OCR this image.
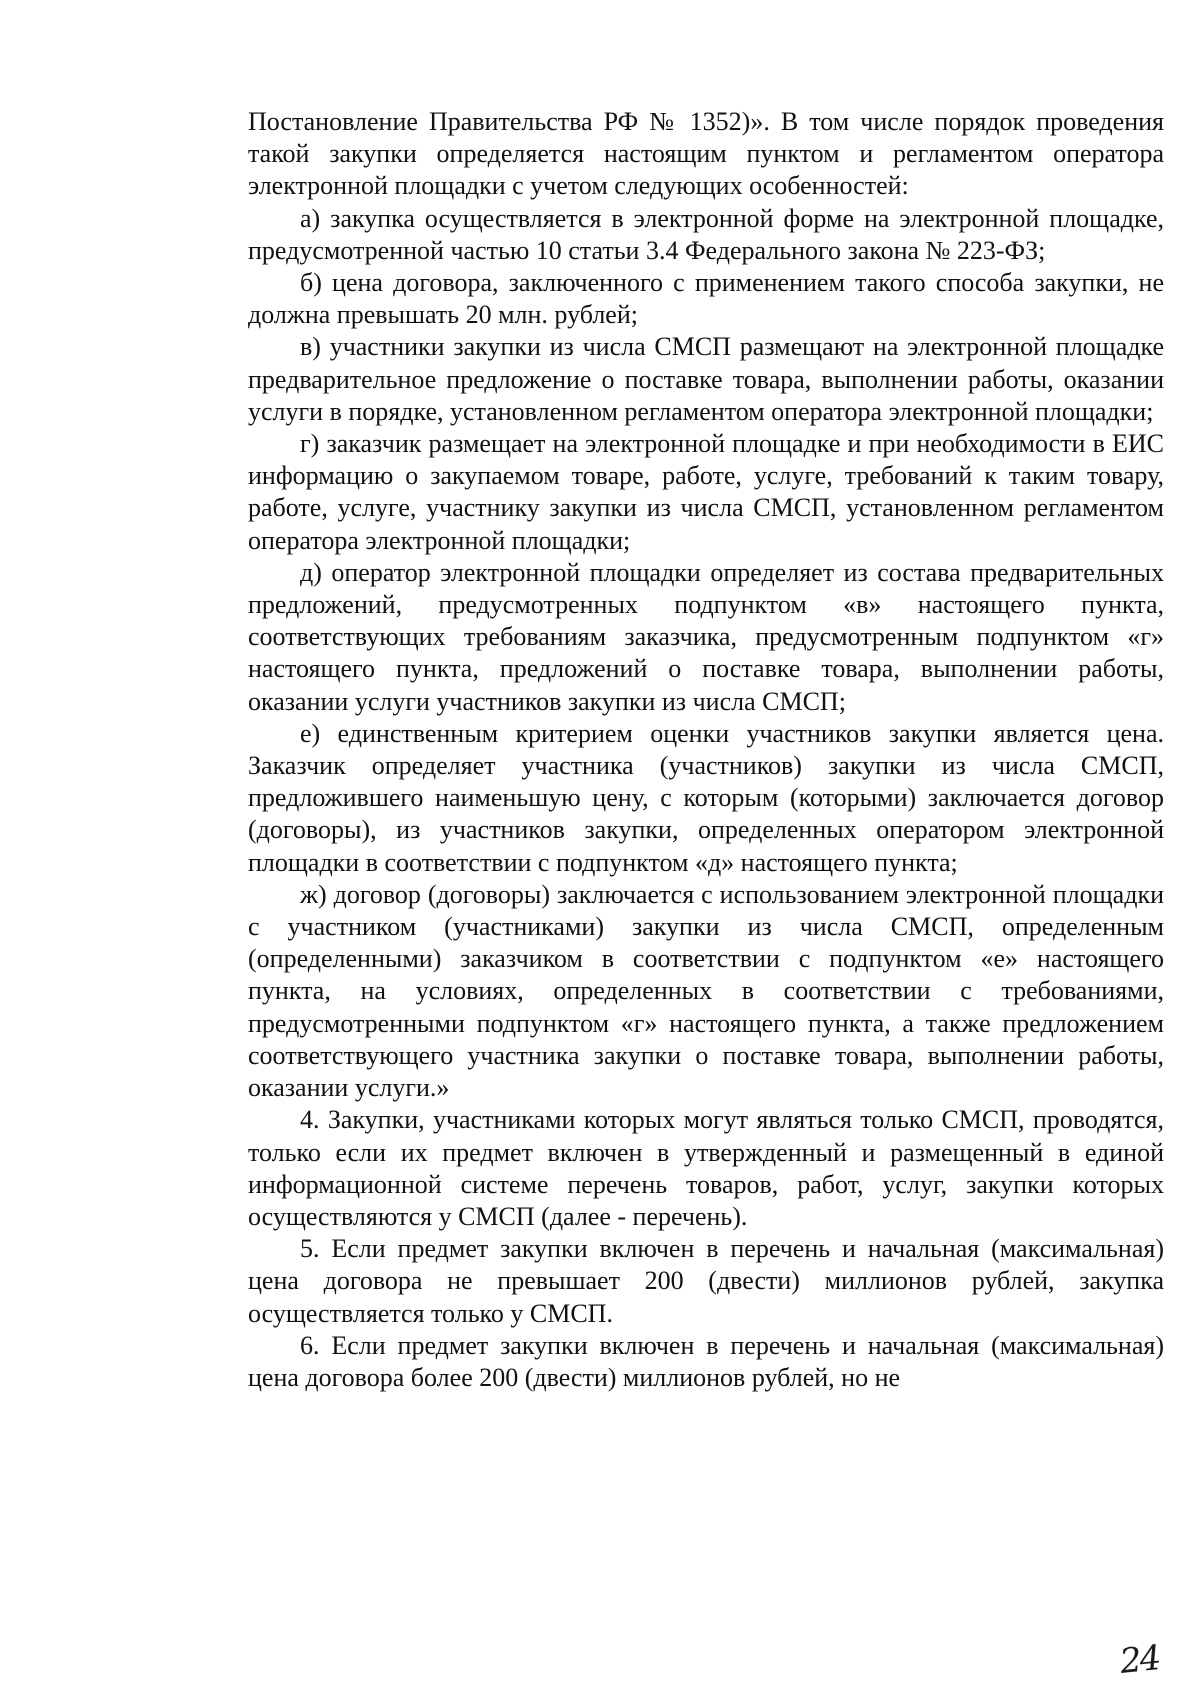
Постановление Правительства РФ № 1352)». В том числе порядок проведения такой закупки определяется настоящим пунктом и регламентом оператора электронной площадки с учетом следующих особенностей:

а) закупка осуществляется в электронной форме на электронной площадке, предусмотренной частью 10 статьи 3.4 Федерального закона № 223-ФЗ;

б) цена договора, заключенного с применением такого способа закупки, не должна превышать 20 млн. рублей;

в) участники закупки из числа СМСП размещают на электронной площадке предварительное предложение о поставке товара, выполнении работы, оказании услуги в порядке, установленном регламентом оператора электронной площадки;

г) заказчик размещает на электронной площадке и при необходимости в ЕИС информацию о закупаемом товаре, работе, услуге, требований к таким товару, работе, услуге, участнику закупки из числа СМСП, установленном регламентом оператора электронной площадки;

д) оператор электронной площадки определяет из состава предварительных предложений, предусмотренных подпунктом «в» настоящего пункта, соответствующих требованиям заказчика, предусмотренным подпунктом «г» настоящего пункта, предложений о поставке товара, выполнении работы, оказании услуги участников закупки из числа СМСП;

е) единственным критерием оценки участников закупки является цена. Заказчик определяет участника (участников) закупки из числа СМСП, предложившего наименьшую цену, с которым (которыми) заключается договор (договоры), из участников закупки, определенных оператором электронной площадки в соответствии с подпунктом «д» настоящего пункта;

ж) договор (договоры) заключается с использованием электронной площадки с участником (участниками) закупки из числа СМСП, определенным (определенными) заказчиком в соответствии с подпунктом «е» настоящего пункта, на условиях, определенных в соответствии с требованиями, предусмотренными подпунктом «г» настоящего пункта, а также предложением соответствующего участника закупки о поставке товара, выполнении работы, оказании услуги.»

4. Закупки, участниками которых могут являться только СМСП, проводятся, только если их предмет включен в утвержденный и размещенный в единой информационной системе перечень товаров, работ, услуг, закупки которых осуществляются у СМСП (далее - перечень).

5. Если предмет закупки включен в перечень и начальная (максимальная) цена договора не превышает 200 (двести) миллионов рублей, закупка осуществляется только у СМСП.

6. Если предмет закупки включен в перечень и начальная (максимальная) цена договора более 200 (двести) миллионов рублей, но не

24
